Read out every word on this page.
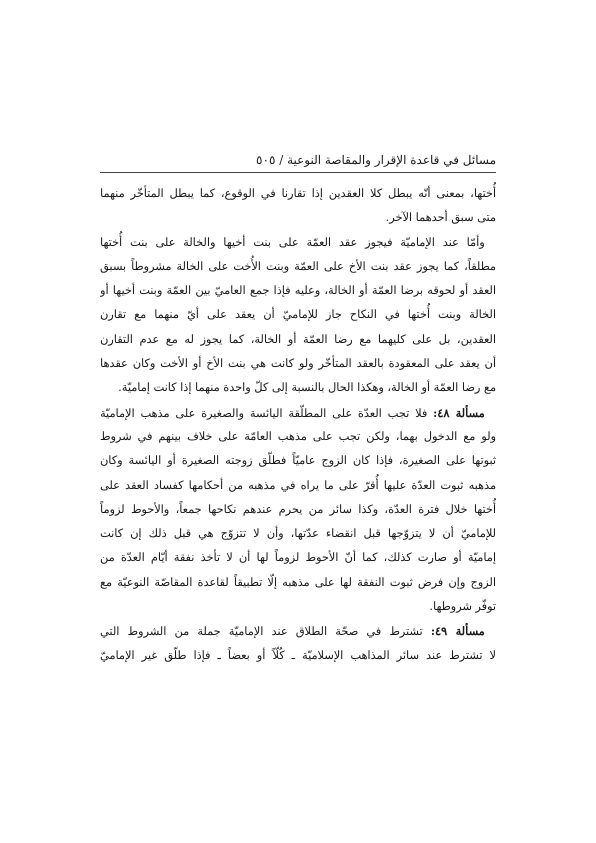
مسائل في قاعدة الإقرار والمقاصة النوعية / ٥٠٥
أُختها، بمعنى أنّه يبطل كلا العقدين إذا تقارنا في الوقوع، كما يبطل المتأخّر منهما
متى سبق أحدهما الآخر.
 وأمّا عند الإماميّة فيجوز عقد العمّة على بنت أخيها والخالة على بنت أُختها
مطلقاً، كما يجوز عقد بنت الأخ على العمّة وبنت الأُخت على الخالة مشروطاً بسبق
العقد أو لحوقه برضا العمّة أو الخالة، وعليه فإذا جمع العاميّ بين العمّة وبنت أخيها أو
الخالة وبنت أُختها في النكاح جاز للإماميّ أن يعقد على أيّ منهما مع تقارن
العقدين، بل على كليهما مع رضا العمّة أو الخالة، كما يجوز له مع عدم التقارن
أن يعقد على المعقودة بالعقد المتأخّر ولو كانت هي بنت الأخ أو الأخت وكان عقدها
مع رضا العمّة أو الخالة، وهكذا الحال بالنسبة إلى كلّ واحدة منهما إذا كانت إماميّة.
 مسألة ٤٨: فلا تجب العدّة على المطلّقة اليائسة والصغيرة على مذهب الإماميّة
ولو مع الدخول بهما، ولكن تجب على مذهب العامّة على خلاف بينهم في شروط
ثبوتها على الصغيرة، فإذا كان الزوج عاميّاً فطلّق زوجته الصغيرة أو اليائسة وكان
مذهبه ثبوت العدّة عليها أُقرّ على ما يراه في مذهبه من أحكامها كفساد العقد على
أُختها خلال فترة العدّة، وكذا سائر من يحرم عندهم نكاحها جمعاً، والأحوط لزوماً
للإماميّ أن لا يتزوّجها قبل انقضاء عدّتها، وأن لا تتزوّج هي قبل ذلك إن كانت
إماميّة أو صارت كذلك، كما أنّ الأحوط لزوماً لها أن لا تأخذ نفقة أيّام العدّة من
الزوج وإن فرض ثبوت النفقة لها على مذهبه إلّا تطبيقاً لقاعدة المقاصّة النوعيّة مع
توفّر شروطها.
 مسألة ٤٩: تشترط في صحّة الطلاق عند الإماميّة جملة من الشروط التي
لا تشترط عند سائر المذاهب الإسلاميّة ـ كُلّاً أو بعضاً ـ فإذا طلّق غير الإماميّ
